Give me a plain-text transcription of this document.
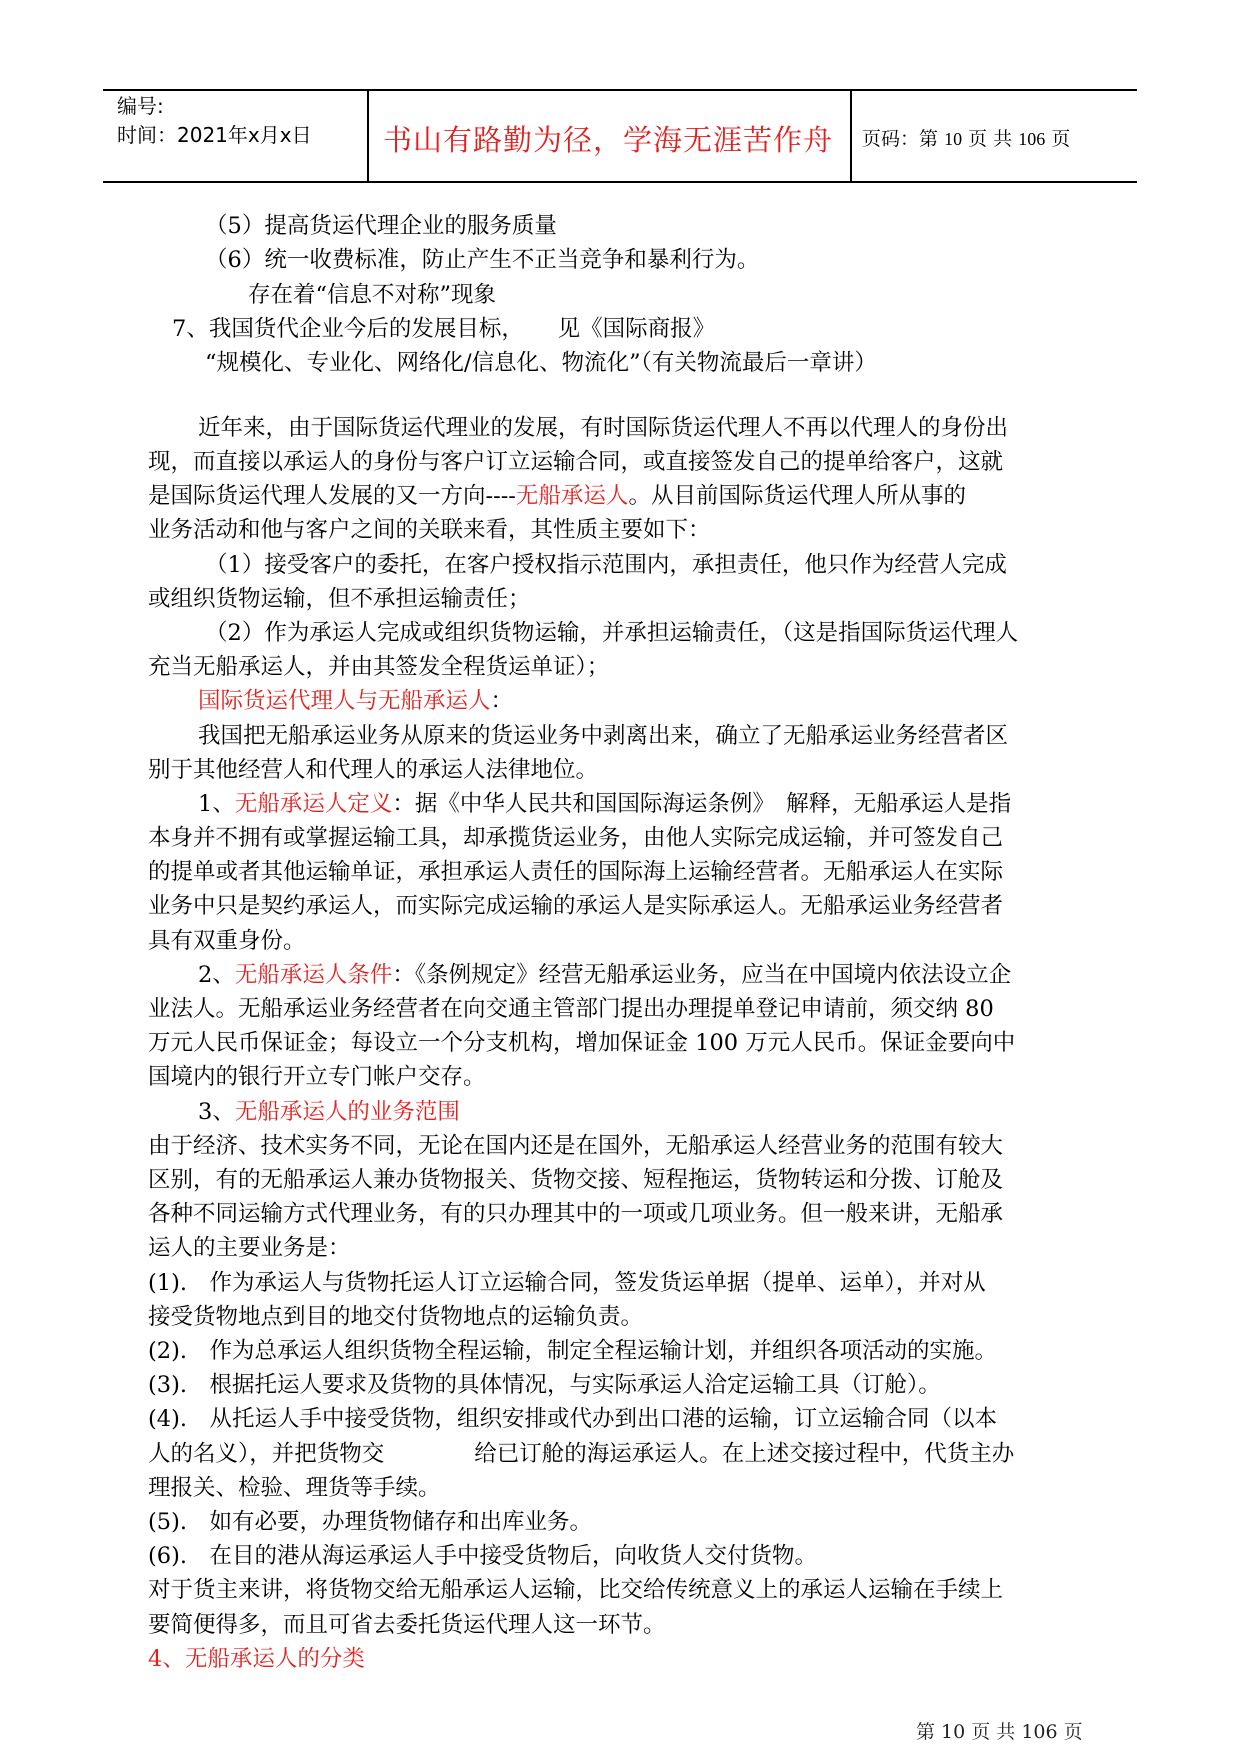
编号:
时间：2021年x月x日	书山有路勤为径，学海无涯苦作舟	页码：第 10 页 共 106 页
（5）提高货运代理企业的服务质量
（6）统一收费标准，防止产生不正当竞争和暴利行为。
存在着“信息不对称”现象
7、我国货代企业今后的发展目标，　　见《国际商报》
“规模化、专业化、网络化/信息化、物流化”（有关物流最后一章讲）
近年来，由于国际货运代理业的发展，有时国际货运代理人不再以代理人的身份出
现，而直接以承运人的身份与客户订立运输合同，或直接签发自己的提单给客户，这就
是国际货运代理人发展的又一方向----无船承运人。从目前国际货运代理人所从事的
业务活动和他与客户之间的关联来看，其性质主要如下：
（1）接受客户的委托，在客户授权指示范围内，承担责任，他只作为经营人完成
或组织货物运输，但不承担运输责任；
（2）作为承运人完成或组织货物运输，并承担运输责任，（这是指国际货运代理人
充当无船承运人，并由其签发全程货运单证）；
国际货运代理人与无船承运人：
我国把无船承运业务从原来的货运业务中剥离出来，确立了无船承运业务经营者区
别于其他经营人和代理人的承运人法律地位。
1、无船承运人定义：据《中华人民共和国国际海运条例》　解释，无船承运人是指
本身并不拥有或掌握运输工具，却承揽货运业务，由他人实际完成运输，并可签发自己
的提单或者其他运输单证，承担承运人责任的国际海上运输经营者。无船承运人在实际
业务中只是契约承运人，而实际完成运输的承运人是实际承运人。无船承运业务经营者
具有双重身份。
2、无船承运人条件：《条例规定》经营无船承运业务，应当在中国境内依法设立企
业法人。无船承运业务经营者在向交通主管部门提出办理提单登记申请前，须交纳 80
万元人民币保证金；每设立一个分支机构，增加保证金 100 万元人民币。保证金要向中
国境内的银行开立专门帐户交存。
3、无船承运人的业务范围
由于经济、技术实务不同，无论在国内还是在国外，无船承运人经营业务的范围有较大
区别，有的无船承运人兼办货物报关、货物交接、短程拖运，货物转运和分拨、订舱及
各种不同运输方式代理业务，有的只办理其中的一项或几项业务。但一般来讲，无船承
运人的主要业务是：
(1).　作为承运人与货物托运人订立运输合同，签发货运单据（提单、运单），并对从
接受货物地点到目的地交付货物地点的运输负责。
(2).　作为总承运人组织货物全程运输，制定全程运输计划，并组织各项活动的实施。
(3).　根据托运人要求及货物的具体情况，与实际承运人洽定运输工具（订舱）。
(4).　从托运人手中接受货物，组织安排或代办到出口港的运输，订立运输合同（以本
人的名义），并把货物交　　　　给已订舱的海运承运人。在上述交接过程中，代货主办
理报关、检验、理货等手续。
(5).　如有必要，办理货物储存和出库业务。
(6).　在目的港从海运承运人手中接受货物后，向收货人交付货物。
对于货主来讲，将货物交给无船承运人运输，比交给传统意义上的承运人运输在手续上
要简便得多，而且可省去委托货运代理人这一环节。
4、无船承运人的分类
第 10 页 共 106 页
